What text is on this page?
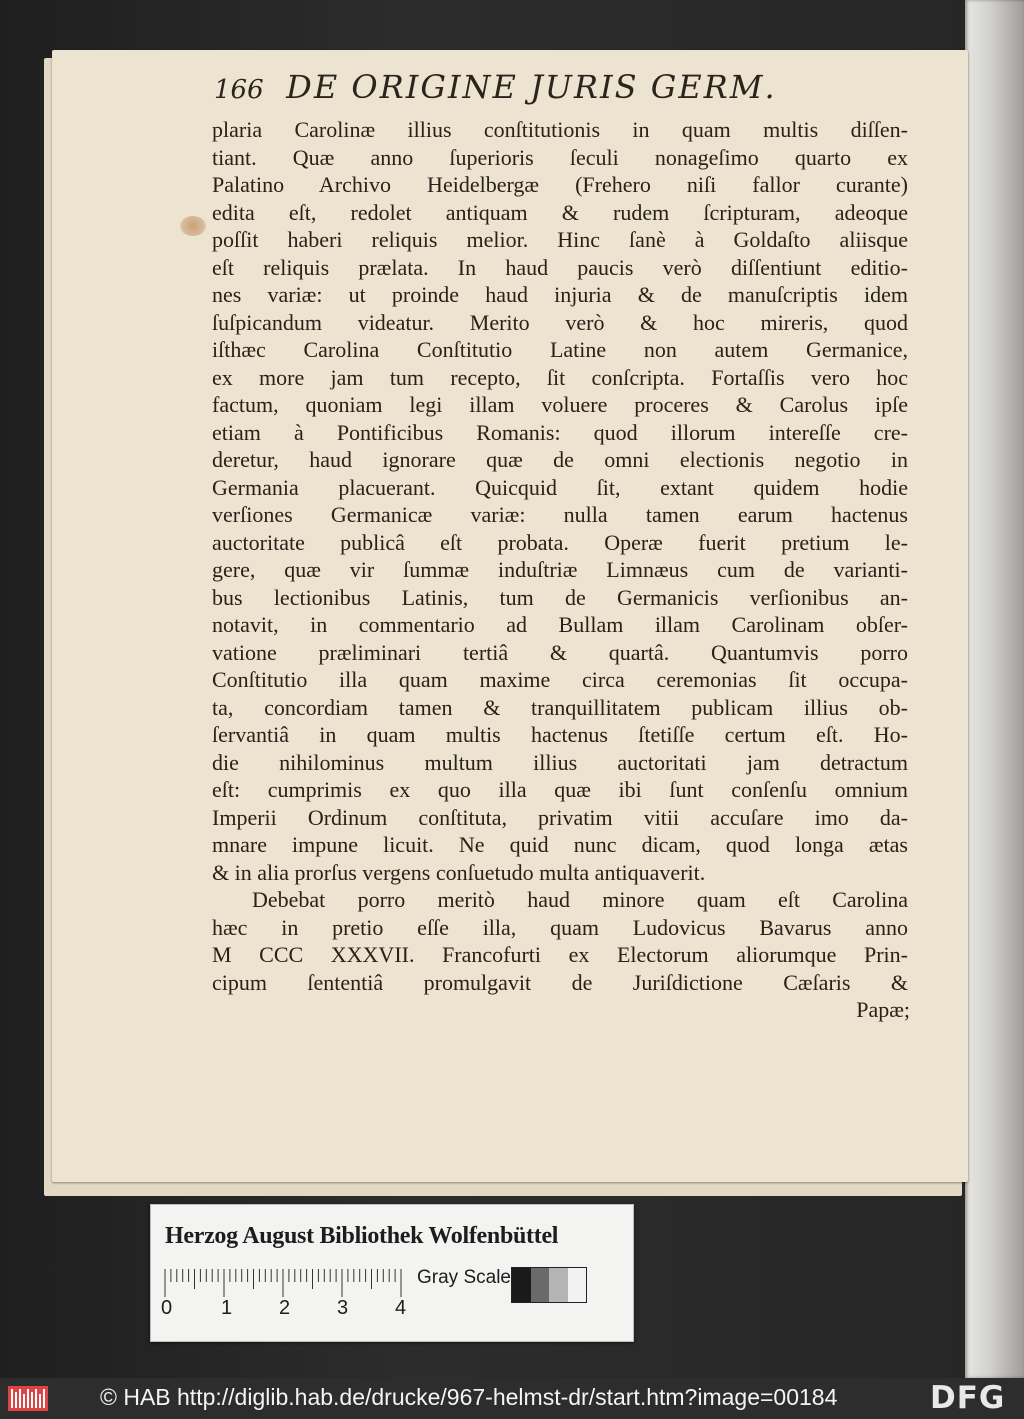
166 DE ORIGINE JURIS GERM.
plaria Carolinæ illius conſtitutionis in quam multis diſſen-
tiant. Quæ anno ſuperioris ſeculi nonageſimo quarto ex
Palatino Archivo Heidelbergæ (Frehero niſi fallor curante)
edita eſt, redolet antiquam & rudem ſcripturam, adeoque
poſſit haberi reliquis melior. Hinc ſanè à Goldaſto aliisque
eſt reliquis prælata. In haud paucis verò diſſentiunt editio-
nes variæ: ut proinde haud injuria & de manuſcriptis idem
ſuſpicandum videatur. Merito verò & hoc mireris, quod
iſthæc Carolina Conſtitutio Latine non autem Germanice,
ex more jam tum recepto, ſit conſcripta. Fortaſſis vero hoc
factum, quoniam legi illam voluere proceres & Carolus ipſe
etiam à Pontificibus Romanis: quod illorum intereſſe cre-
deretur, haud ignorare quæ de omni electionis negotio in
Germania placuerant. Quicquid ſit, extant quidem hodie
verſiones Germanicæ variæ: nulla tamen earum hactenus
auctoritate publicâ eſt probata. Operæ fuerit pretium le-
gere, quæ vir ſummæ induſtriæ Limnæus cum de varianti-
bus lectionibus Latinis, tum de Germanicis verſionibus an-
notavit, in commentario ad Bullam illam Carolinam obſer-
vatione præliminari tertiâ & quartâ. Quantumvis porro
Conſtitutio illa quam maxime circa ceremonias ſit occupa-
ta, concordiam tamen & tranquillitatem publicam illius ob-
ſervantiâ in quam multis hactenus ſtetiſſe certum eſt. Ho-
die nihilominus multum illius auctoritati jam detractum
eſt: cumprimis ex quo illa quæ ibi ſunt conſenſu omnium
Imperii Ordinum conſtituta, privatim vitii accuſare imo da-
mnare impune licuit. Ne quid nunc dicam, quod longa ætas
& in alia prorſus vergens conſuetudo multa antiquaverit.
Debebat porro meritò haud minore quam eſt Carolina
hæc in pretio eſſe illa, quam Ludovicus Bavarus anno
M CCC XXXVII. Francofurti ex Electorum aliorumque Prin-
cipum ſententiâ promulgavit de Juriſdictione Cæſaris &
Papæ;
Herzog August Bibliothek Wolfenbüttel
0 1 2 3 4
Gray Scale
© HAB http://diglib.hab.de/drucke/967-helmst-dr/start.htm?image=00184	DFG
